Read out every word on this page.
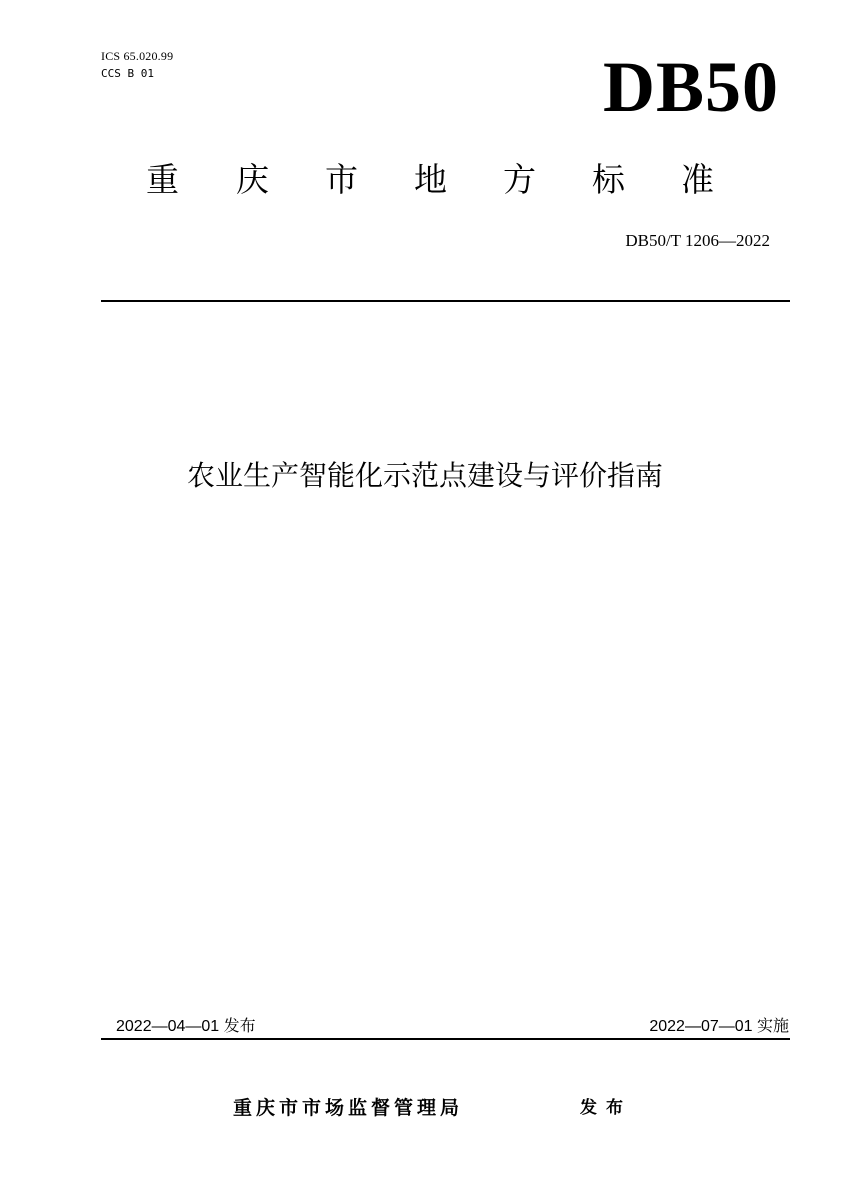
ICS 65.020.99
CCS B 01	DB50
重 庆 市 地 方 标 准
DB50/T 1206—2022
农业生产智能化示范点建设与评价指南
2022—04—01 发布	2022—07—01 实施
重庆市市场监督管理局	发布
